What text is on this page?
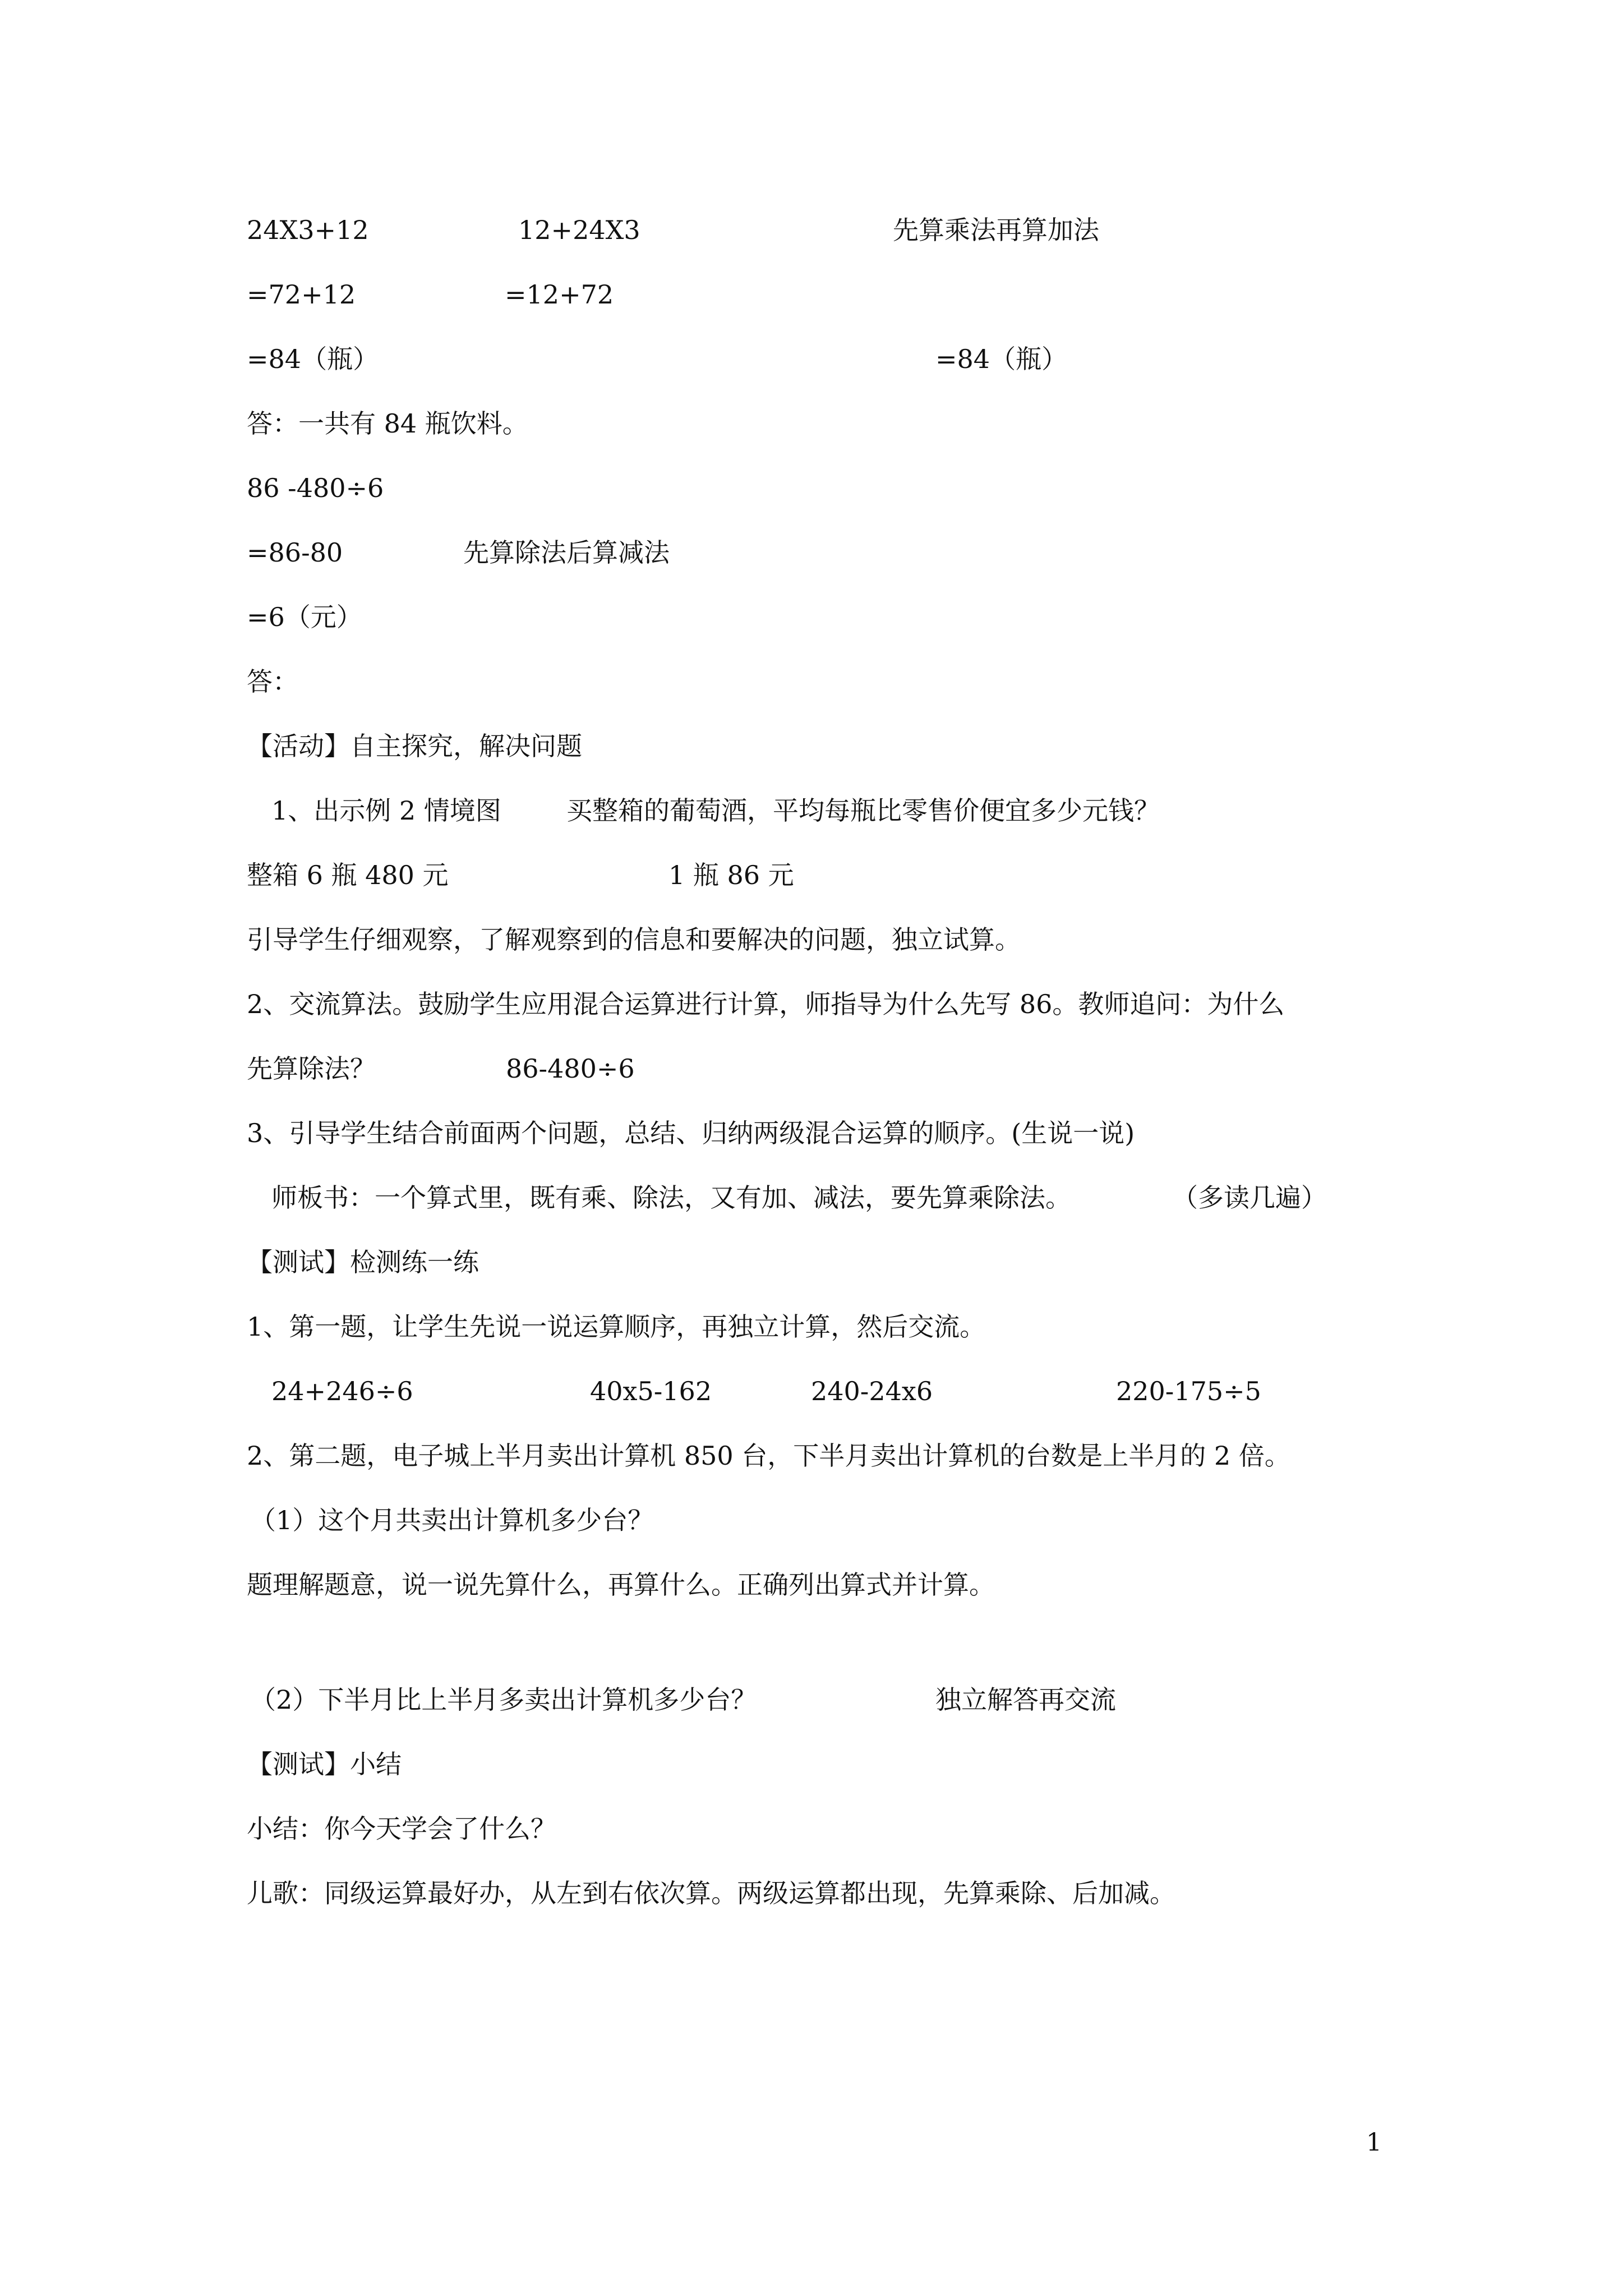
24X3+12	12+24X3	先算乘法再算加法
=72+12	=12+72
=84（瓶）	=84（瓶）
答：一共有 84 瓶饮料。
86 -480÷6
=86-80	先算除法后算减法
=6（元）
答：
【活动】自主探究，解决问题
1、出示例 2 情境图	买整箱的葡萄酒，平均每瓶比零售价便宜多少元钱？
整箱 6 瓶 480 元	1 瓶 86 元
引导学生仔细观察，了解观察到的信息和要解决的问题，独立试算。
2、交流算法。鼓励学生应用混合运算进行计算，师指导为什么先写 86。教师追问：为什么
先算除法？	86-480÷6
3、引导学生结合前面两个问题，总结、归纳两级混合运算的顺序。(生说一说)
师板书：一个算式里，既有乘、除法，又有加、减法，要先算乘除法。	（多读几遍）
【测试】检测练一练
1、第一题，让学生先说一说运算顺序，再独立计算，然后交流。
24+246÷6	40x5-162	240-24x6	220-175÷5
2、第二题，电子城上半月卖出计算机 850 台，下半月卖出计算机的台数是上半月的 2 倍。
（1）这个月共卖出计算机多少台？
题理解题意，说一说先算什么，再算什么。正确列出算式并计算。
（2）下半月比上半月多卖出计算机多少台？	独立解答再交流
【测试】小结
小结：你今天学会了什么？
儿歌：同级运算最好办，从左到右依次算。两级运算都出现，先算乘除、后加减。
1
